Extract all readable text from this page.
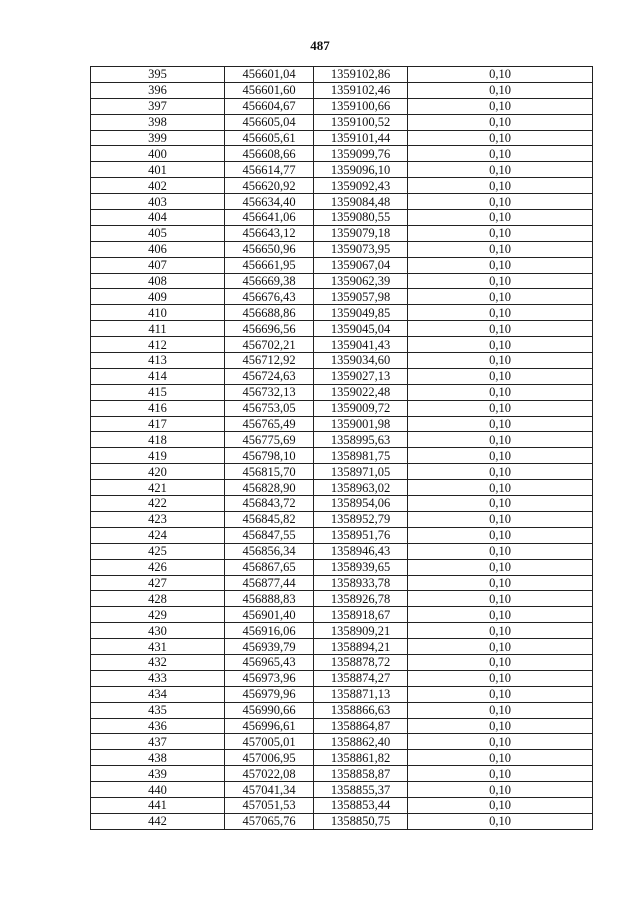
487
395	456601,04	1359102,86	0,10
396	456601,60	1359102,46	0,10
397	456604,67	1359100,66	0,10
398	456605,04	1359100,52	0,10
399	456605,61	1359101,44	0,10
400	456608,66	1359099,76	0,10
401	456614,77	1359096,10	0,10
402	456620,92	1359092,43	0,10
403	456634,40	1359084,48	0,10
404	456641,06	1359080,55	0,10
405	456643,12	1359079,18	0,10
406	456650,96	1359073,95	0,10
407	456661,95	1359067,04	0,10
408	456669,38	1359062,39	0,10
409	456676,43	1359057,98	0,10
410	456688,86	1359049,85	0,10
411	456696,56	1359045,04	0,10
412	456702,21	1359041,43	0,10
413	456712,92	1359034,60	0,10
414	456724,63	1359027,13	0,10
415	456732,13	1359022,48	0,10
416	456753,05	1359009,72	0,10
417	456765,49	1359001,98	0,10
418	456775,69	1358995,63	0,10
419	456798,10	1358981,75	0,10
420	456815,70	1358971,05	0,10
421	456828,90	1358963,02	0,10
422	456843,72	1358954,06	0,10
423	456845,82	1358952,79	0,10
424	456847,55	1358951,76	0,10
425	456856,34	1358946,43	0,10
426	456867,65	1358939,65	0,10
427	456877,44	1358933,78	0,10
428	456888,83	1358926,78	0,10
429	456901,40	1358918,67	0,10
430	456916,06	1358909,21	0,10
431	456939,79	1358894,21	0,10
432	456965,43	1358878,72	0,10
433	456973,96	1358874,27	0,10
434	456979,96	1358871,13	0,10
435	456990,66	1358866,63	0,10
436	456996,61	1358864,87	0,10
437	457005,01	1358862,40	0,10
438	457006,95	1358861,82	0,10
439	457022,08	1358858,87	0,10
440	457041,34	1358855,37	0,10
441	457051,53	1358853,44	0,10
442	457065,76	1358850,75	0,10
